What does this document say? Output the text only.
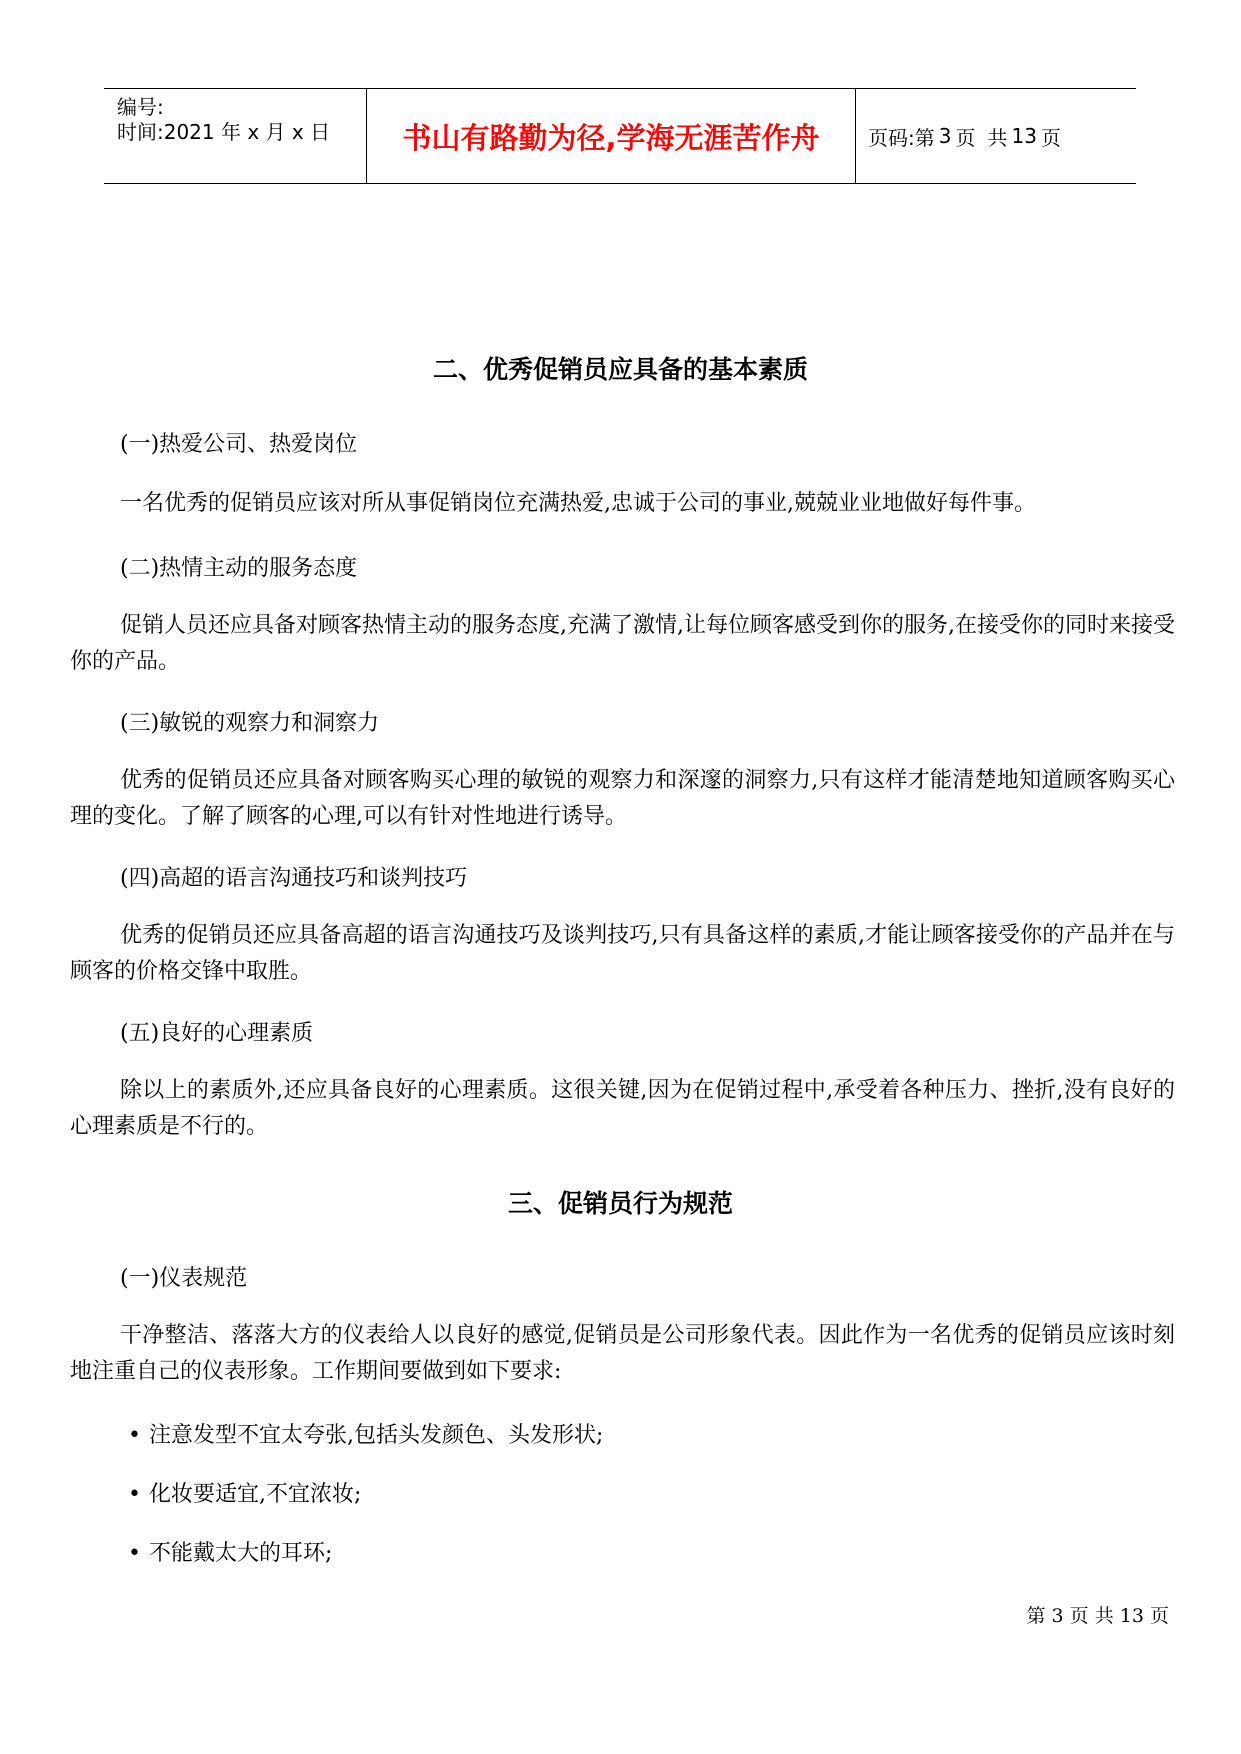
编号:
时间:2021 年 x 月 x 日	书山有路勤为径,学海无涯苦作舟	页码:第 3 页 共 13 页
二、优秀促销员应具备的基本素质
(一)热爱公司、热爱岗位
一名优秀的促销员应该对所从事促销岗位充满热爱,忠诚于公司的事业,兢兢业业地做好每件事。
(二)热情主动的服务态度
促销人员还应具备对顾客热情主动的服务态度,充满了激情,让每位顾客感受到你的服务,在接受你的同时来接受你的产品。
(三)敏锐的观察力和洞察力
优秀的促销员还应具备对顾客购买心理的敏锐的观察力和深邃的洞察力,只有这样才能清楚地知道顾客购买心理的变化。了解了顾客的心理,可以有针对性地进行诱导。
(四)高超的语言沟通技巧和谈判技巧
优秀的促销员还应具备高超的语言沟通技巧及谈判技巧,只有具备这样的素质,才能让顾客接受你的产品并在与顾客的价格交锋中取胜。
(五)良好的心理素质
除以上的素质外,还应具备良好的心理素质。这很关键,因为在促销过程中,承受着各种压力、挫折,没有良好的心理素质是不行的。
三、促销员行为规范
(一)仪表规范
干净整洁、落落大方的仪表给人以良好的感觉,促销员是公司形象代表。因此作为一名优秀的促销员应该时刻地注重自己的仪表形象。工作期间要做到如下要求:
• 注意发型不宜太夸张,包括头发颜色、头发形状;
• 化妆要适宜,不宜浓妆;
• 不能戴太大的耳环;
第 3 页 共 13 页
